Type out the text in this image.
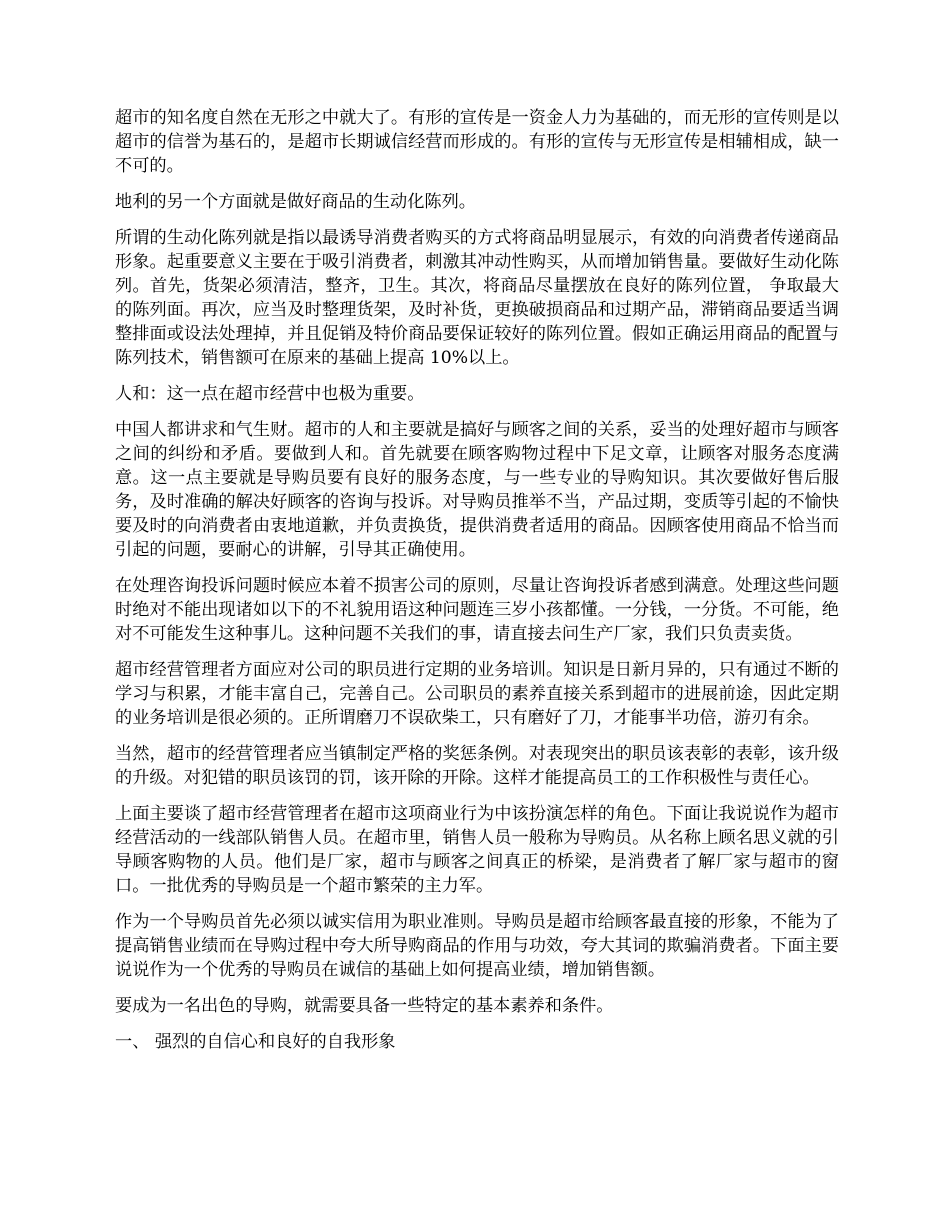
超市的知名度自然在无形之中就大了。有形的宣传是一资金人力为基础的，而无形的宣传则是以超市的信誉为基石的，是超市长期诚信经营而形成的。有形的宣传与无形宣传是相辅相成，缺一不可的。

地利的另一个方面就是做好商品的生动化陈列。

所谓的生动化陈列就是指以最诱导消费者购买的方式将商品明显展示，有效的向消费者传递商品形象。起重要意义主要在于吸引消费者，刺激其冲动性购买，从而增加销售量。要做好生动化陈列。首先，货架必须清洁，整齐，卫生。其次，将商品尽量摆放在良好的陈列位置， 争取最大的陈列面。再次，应当及时整理货架，及时补货，更换破损商品和过期产品，滞销商品要适当调整排面或设法处理掉，并且促销及特价商品要保证较好的陈列位置。假如正确运用商品的配置与陈列技术，销售额可在原来的基础上提高 10%以上。

人和：这一点在超市经营中也极为重要。

中国人都讲求和气生财。超市的人和主要就是搞好与顾客之间的关系，妥当的处理好超市与顾客之间的纠纷和矛盾。要做到人和。首先就要在顾客购物过程中下足文章，让顾客对服务态度满意。这一点主要就是导购员要有良好的服务态度，与一些专业的导购知识。其次要做好售后服务，及时准确的解决好顾客的咨询与投诉。对导购员推举不当，产品过期，变质等引起的不愉快要及时的向消费者由衷地道歉，并负责换货，提供消费者适用的商品。因顾客使用商品不恰当而引起的问题，要耐心的讲解，引导其正确使用。

在处理咨询投诉问题时候应本着不损害公司的原则，尽量让咨询投诉者感到满意。处理这些问题时绝对不能出现诸如以下的不礼貌用语这种问题连三岁小孩都懂。一分钱，一分货。不可能，绝对不可能发生这种事儿。这种问题不关我们的事，请直接去问生产厂家，我们只负责卖货。

超市经营管理者方面应对公司的职员进行定期的业务培训。知识是日新月异的，只有通过不断的学习与积累，才能丰富自己，完善自己。公司职员的素养直接关系到超市的进展前途，因此定期的业务培训是很必须的。正所谓磨刀不误砍柴工，只有磨好了刀，才能事半功倍，游刃有余。

当然，超市的经营管理者应当镇制定严格的奖惩条例。对表现突出的职员该表彰的表彰，该升级的升级。对犯错的职员该罚的罚，该开除的开除。这样才能提高员工的工作积极性与责任心。

上面主要谈了超市经营管理者在超市这项商业行为中该扮演怎样的角色。下面让我说说作为超市经营活动的一线部队销售人员。在超市里，销售人员一般称为导购员。从名称上顾名思义就的引导顾客购物的人员。他们是厂家，超市与顾客之间真正的桥梁，是消费者了解厂家与超市的窗口。一批优秀的导购员是一个超市繁荣的主力军。

作为一个导购员首先必须以诚实信用为职业准则。导购员是超市给顾客最直接的形象，不能为了提高销售业绩而在导购过程中夸大所导购商品的作用与功效，夸大其词的欺骗消费者。下面主要说说作为一个优秀的导购员在诚信的基础上如何提高业绩，增加销售额。

要成为一名出色的导购，就需要具备一些特定的基本素养和条件。

一、 强烈的自信心和良好的自我形象
